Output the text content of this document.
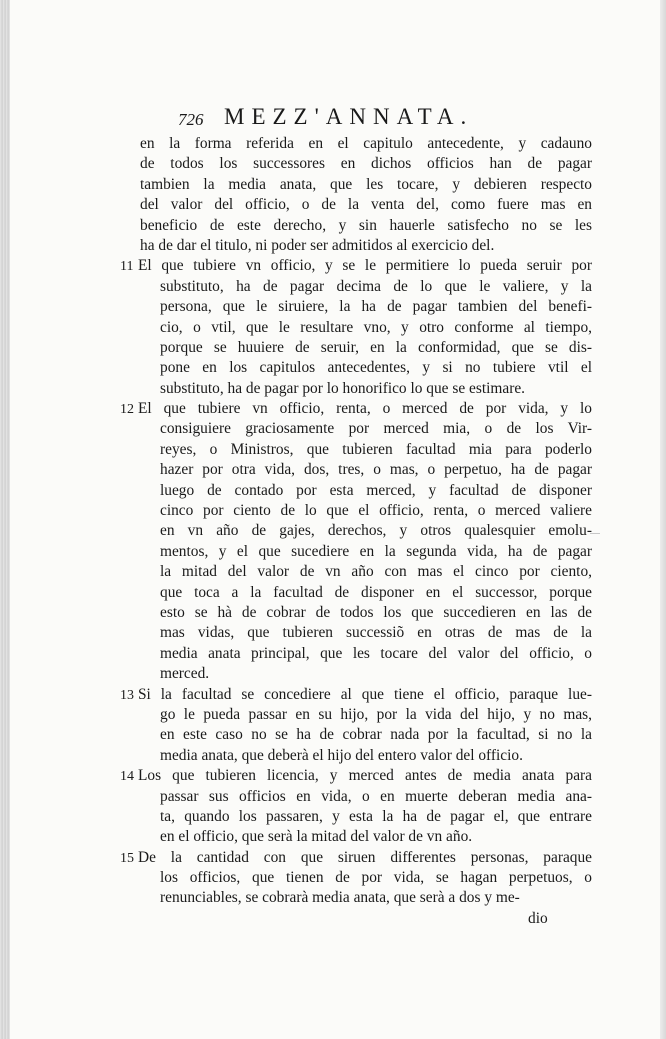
726 MEZZ'ANNATA.
en la forma referida en el capitulo antecedente, y cadauno
de todos los successores en dichos officios han de pagar
tambien la media anata, que les tocare, y debieren respecto
del valor del officio, o de la venta del, como fuere mas en
beneficio de este derecho, y sin hauerle satisfecho no se les
ha de dar el titulo, ni poder ser admitidos al exercicio del.
11 El que tubiere vn officio, y se le permitiere lo pueda seruir por
substituto, ha de pagar decima de lo que le valiere, y la
persona, que le siruiere, la ha de pagar tambien del benefi-
cio, o vtil, que le resultare vno, y otro conforme al tiempo,
porque se huuiere de seruir, en la conformidad, que se dis-
pone en los capitulos antecedentes, y si no tubiere vtil el
substituto, ha de pagar por lo honorifico lo que se estimare.
12 El que tubiere vn officio, renta, o merced de por vida, y lo
consiguiere graciosamente por merced mia, o de los Vir-
reyes, o Ministros, que tubieren facultad mia para poderlo
hazer por otra vida, dos, tres, o mas, o perpetuo, ha de pagar
luego de contado por esta merced, y facultad de disponer
cinco por ciento de lo que el officio, renta, o merced valiere
en vn año de gajes, derechos, y otros qualesquier emolu-
mentos, y el que sucediere en la segunda vida, ha de pagar
la mitad del valor de vn año con mas el cinco por ciento,
que toca a la facultad de disponer en el successor, porque
esto se hà de cobrar de todos los que succedieren en las de
mas vidas, que tubieren successiõ en otras de mas de la
media anata principal, que les tocare del valor del officio, o
merced.
13 Si la facultad se concediere al que tiene el officio, paraque lue-
go le pueda passar en su hijo, por la vida del hijo, y no mas,
en este caso no se ha de cobrar nada por la facultad, si no la
media anata, que deberà el hijo del entero valor del officio.
14 Los que tubieren licencia, y merced antes de media anata para
passar sus officios en vida, o en muerte deberan media ana-
ta, quando los passaren, y esta la ha de pagar el, que entrare
en el officio, que serà la mitad del valor de vn año.
15 De la cantidad con que siruen differentes personas, paraque
los officios, que tienen de por vida, se hagan perpetuos, o
renunciables, se cobrarà media anata, que serà a dos y me-
dio
